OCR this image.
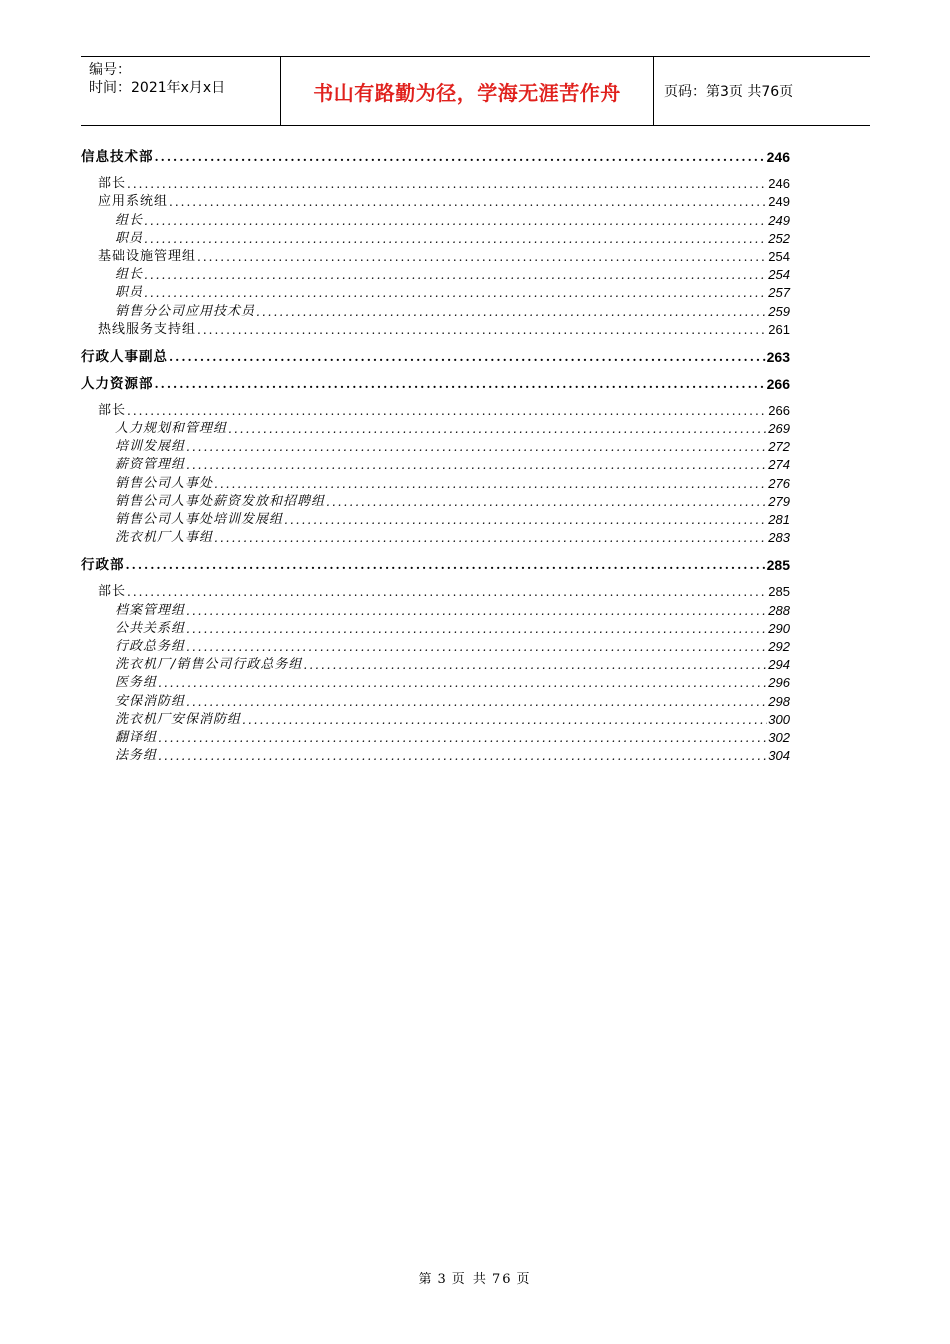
编号：
时间：2021年x月x日	书山有路勤为径，学海无涯苦作舟	页码：第3页 共76页
信息技术部 .....	246
部长 .....	246
应用系统组 .....	249
组长 .....	249
职员 .....	252
基础设施管理组 .....	254
组长 .....	254
职员 .....	257
销售分公司应用技术员 .....	259
热线服务支持组 .....	261
行政人事副总 .....	263
人力资源部 .....	266
部长 .....	266
人力规划和管理组 .....	269
培训发展组 .....	272
薪资管理组 .....	274
销售公司人事处 .....	276
销售公司人事处薪资发放和招聘组 .....	279
销售公司人事处培训发展组 .....	281
洗衣机厂人事组 .....	283
行政部 .....	285
部长 .....	285
档案管理组 .....	288
公共关系组 .....	290
行政总务组 .....	292
洗衣机厂/销售公司行政总务组 .....	294
医务组 .....	296
安保消防组 .....	298
洗衣机厂安保消防组 .....	300
翻译组 .....	302
法务组 .....	304
第 3 页 共 76 页
